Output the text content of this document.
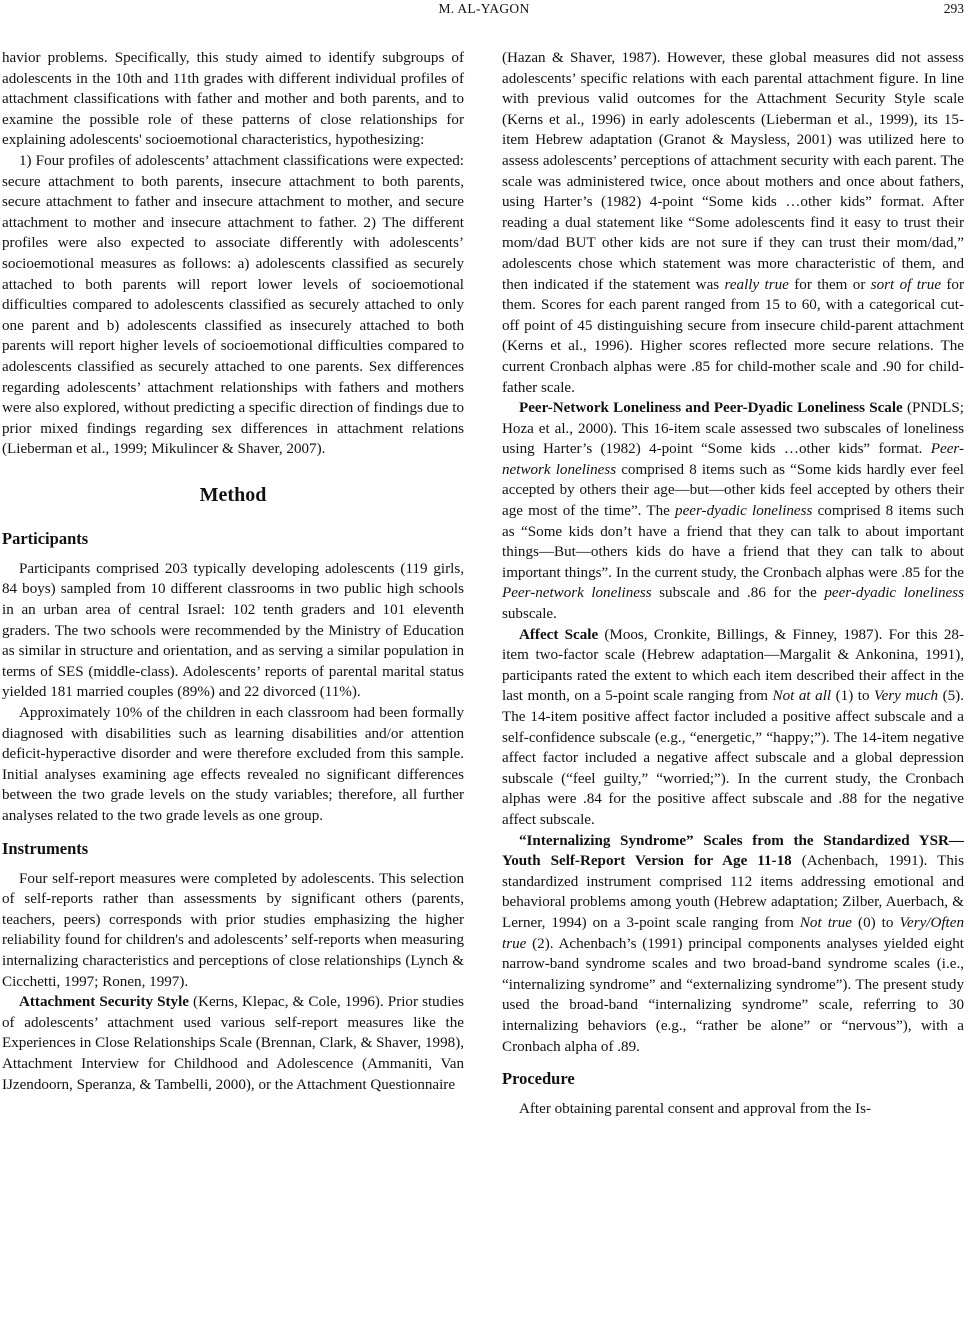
M. AL-YAGON	293

havior problems. Specifically, this study aimed to identify subgroups of adolescents in the 10th and 11th grades with different individual profiles of attachment classifications with father and mother and both parents, and to examine the possible role of these patterns of close relationships for explaining adolescents' socioemotional characteristics, hypothesizing:

1) Four profiles of adolescents’ attachment classifications were expected: secure attachment to both parents, insecure attachment to both parents, secure attachment to father and insecure attachment to mother, and secure attachment to mother and insecure attachment to father. 2) The different profiles were also expected to associate differently with adolescents’ socioemotional measures as follows: a) adolescents classified as securely attached to both parents will report lower levels of socioemotional difficulties compared to adolescents classified as securely attached to only one parent and b) adolescents classified as insecurely attached to both parents will report higher levels of socioemotional difficulties compared to adolescents classified as securely attached to one parents. Sex differences regarding adolescents’ attachment relationships with fathers and mothers were also explored, without predicting a specific direction of findings due to prior mixed findings regarding sex differences in attachment relations (Lieberman et al., 1999; Mikulincer & Shaver, 2007).

Method
Participants

Participants comprised 203 typically developing adolescents (119 girls, 84 boys) sampled from 10 different classrooms in two public high schools in an urban area of central Israel: 102 tenth graders and 101 eleventh graders. The two schools were recommended by the Ministry of Education as similar in structure and orientation, and as serving a similar population in terms of SES (middle-class). Adolescents’ reports of parental marital status yielded 181 married couples (89%) and 22 divorced (11%).

Approximately 10% of the children in each classroom had been formally diagnosed with disabilities such as learning disabilities and/or attention deficit-hyperactive disorder and were therefore excluded from this sample. Initial analyses examining age effects revealed no significant differences between the two grade levels on the study variables; therefore, all further analyses related to the two grade levels as one group.

Instruments

Four self-report measures were completed by adolescents. This selection of self-reports rather than assessments by significant others (parents, teachers, peers) corresponds with prior studies emphasizing the higher reliability found for children's and adolescents’ self-reports when measuring internalizing characteristics and perceptions of close relationships (Lynch & Cicchetti, 1997; Ronen, 1997).

Attachment Security Style (Kerns, Klepac, & Cole, 1996). Prior studies of adolescents’ attachment used various self-report measures like the Experiences in Close Relationships Scale (Brennan, Clark, & Shaver, 1998), Attachment Interview for Childhood and Adolescence (Ammaniti, Van IJzendoorn, Speranza, & Tambelli, 2000), or the Attachment Questionnaire

(Hazan & Shaver, 1987). However, these global measures did not assess adolescents’ specific relations with each parental attachment figure. In line with previous valid outcomes for the Attachment Security Style scale (Kerns et al., 1996) in early adolescents (Lieberman et al., 1999), its 15-item Hebrew adaptation (Granot & Maysless, 2001) was utilized here to assess adolescents’ perceptions of attachment security with each parent. The scale was administered twice, once about mothers and once about fathers, using Harter’s (1982) 4-point “Some kids …other kids” format. After reading a dual statement like “Some adolescents find it easy to trust their mom/dad BUT other kids are not sure if they can trust their mom/dad,” adolescents chose which statement was more characteristic of them, and then indicated if the statement was really true for them or sort of true for them. Scores for each parent ranged from 15 to 60, with a categorical cut-off point of 45 distinguishing secure from insecure child-parent attachment (Kerns et al., 1996). Higher scores reflected more secure relations. The current Cronbach alphas were .85 for child-mother scale and .90 for child-father scale.

Peer-Network Loneliness and Peer-Dyadic Loneliness Scale (PNDLS; Hoza et al., 2000). This 16-item scale assessed two subscales of loneliness using Harter’s (1982) 4-point “Some kids …other kids” format. Peer-network loneliness comprised 8 items such as “Some kids hardly ever feel accepted by others their age—but—other kids feel accepted by others their age most of the time”. The peer-dyadic loneliness comprised 8 items such as “Some kids don’t have a friend that they can talk to about important things—But—others kids do have a friend that they can talk to about important things”. In the current study, the Cronbach alphas were .85 for the Peer-network loneliness subscale and .86 for the peer-dyadic loneliness subscale.

Affect Scale (Moos, Cronkite, Billings, & Finney, 1987). For this 28-item two-factor scale (Hebrew adaptation—Margalit & Ankonina, 1991), participants rated the extent to which each item described their affect in the last month, on a 5-point scale ranging from Not at all (1) to Very much (5). The 14-item positive affect factor included a positive affect subscale and a self-confidence subscale (e.g., “energetic,” “happy;”). The 14-item negative affect factor included a negative affect subscale and a global depression subscale (“feel guilty,” “worried;”). In the current study, the Cronbach alphas were .84 for the positive affect subscale and .88 for the negative affect subscale.

“Internalizing Syndrome” Scales from the Standardized YSR—Youth Self-Report Version for Age 11-18 (Achenbach, 1991). This standardized instrument comprised 112 items addressing emotional and behavioral problems among youth (Hebrew adaptation; Zilber, Auerbach, & Lerner, 1994) on a 3-point scale ranging from Not true (0) to Very/Often true (2). Achenbach’s (1991) principal components analyses yielded eight narrow-band syndrome scales and two broad-band syndrome scales (i.e., “internalizing syndrome” and “externalizing syndrome”). The present study used the broad-band “internalizing syndrome” scale, referring to 30 internalizing behaviors (e.g., “rather be alone” or “nervous”), with a Cronbach alpha of .89.

Procedure

After obtaining parental consent and approval from the Is-
